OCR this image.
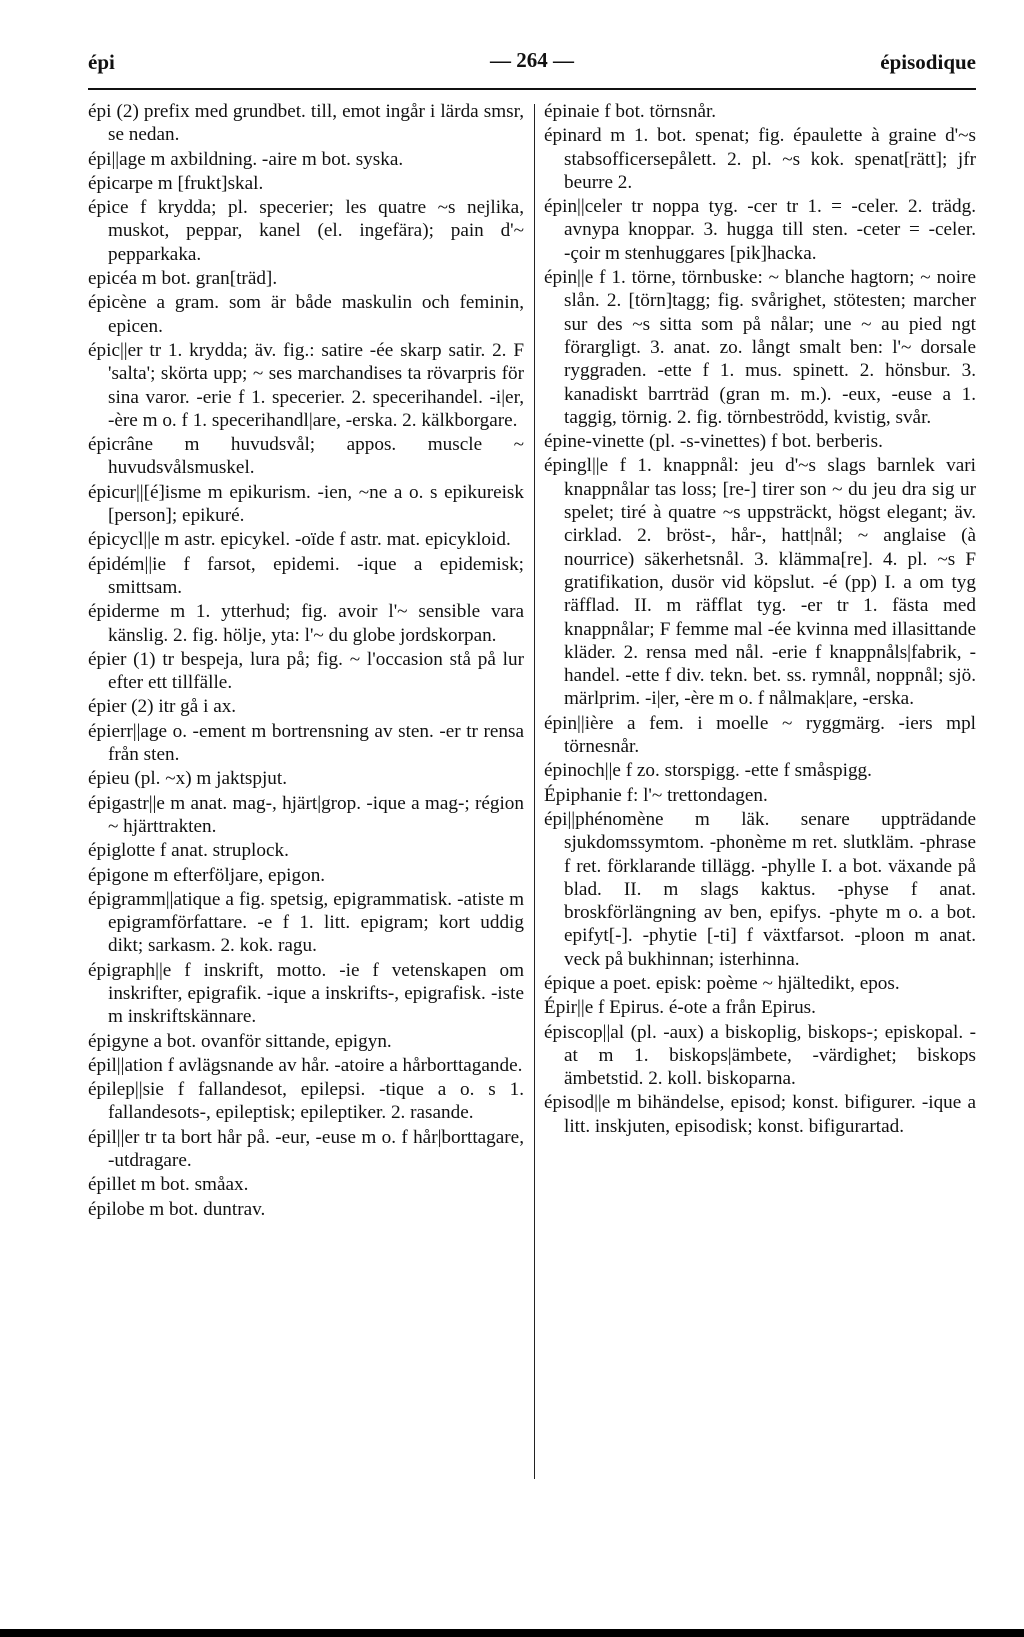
épi	— 264 —	épisodique

épi (2) prefix med grundbet. till, emot ingår i lärda smsr, se nedan.

épi||age m axbildning. -aire m bot. syska.

épicarpe m [frukt]skal.

épice f krydda; pl. specerier; les quatre ~s nejlika, muskot, peppar, kanel (el. ingefära); pain d'~ pepparkaka.

epicéa m bot. gran[träd].

épicène a gram. som är både maskulin och feminin, epicen.

épic||er tr 1. krydda; äv. fig.: satire -ée skarp satir. 2. F 'salta'; skörta upp; ~ ses marchandises ta rövarpris för sina varor. -erie f 1. specerier. 2. specerihandel. -i|er, -ère m o. f 1. specerihandl|are, -erska. 2. kälkborgare.

épicrâne m huvudsvål; appos. muscle ~ huvudsvålsmuskel.

épicur||[é]isme m epikurism. -ien, ~ne a o. s epikureisk [person]; epikuré.

épicycl||e m astr. epicykel. -oïde f astr. mat. epicykloid.

épidém||ie f farsot, epidemi. -ique a epidemisk; smittsam.

épiderme m 1. ytterhud; fig. avoir l'~ sensible vara känslig. 2. fig. hölje, yta: l'~ du globe jordskorpan.

épier (1) tr bespeja, lura på; fig. ~ l'occasion stå på lur efter ett tillfälle.

épier (2) itr gå i ax.

épierr||age o. -ement m bortrensning av sten. -er tr rensa från sten.

épieu (pl. ~x) m jaktspjut.

épigastr||e m anat. mag-, hjärt|grop. -ique a mag-; région ~ hjärttrakten.

épiglotte f anat. struplock.

épigone m efterföljare, epigon.

épigramm||atique a fig. spetsig, epigrammatisk. -atiste m epigramförfattare. -e f 1. litt. epigram; kort uddig dikt; sarkasm. 2. kok. ragu.

épigraph||e f inskrift, motto. -ie f vetenskapen om inskrifter, epigrafik. -ique a inskrifts-, epigrafisk. -iste m inskriftskännare.

épigyne a bot. ovanför sittande, epigyn.

épil||ation f avlägsnande av hår. -atoire a hårborttagande.

épilep||sie f fallandesot, epilepsi. -tique a o. s 1. fallandesots-, epileptisk; epileptiker. 2. rasande.

épil||er tr ta bort hår på. -eur, -euse m o. f hår|borttagare, -utdragare.

épillet m bot. småax.

épilobe m bot. duntrav.

épinaie f bot. törnsnår.

épinard m 1. bot. spenat; fig. épaulette à graine d'~s stabsofficersepålett. 2. pl. ~s kok. spenat[rätt]; jfr beurre 2.

épin||celer tr noppa tyg. -cer tr 1. = -celer. 2. trädg. avnypa knoppar. 3. hugga till sten. -ceter = -celer. -çoir m stenhuggares [pik]hacka.

épin||e f 1. törne, törnbuske: ~ blanche hagtorn; ~ noire slån. 2. [törn]tagg; fig. svårighet, stötesten; marcher sur des ~s sitta som på nålar; une ~ au pied ngt förargligt. 3. anat. zo. långt smalt ben: l'~ dorsale ryggraden. -ette f 1. mus. spinett. 2. hönsbur. 3. kanadiskt barrträd (gran m. m.). -eux, -euse a 1. taggig, törnig. 2. fig. törnbeströdd, kvistig, svår.

épine-vinette (pl. -s-vinettes) f bot. berberis.

épingl||e f 1. knappnål: jeu d'~s slags barnlek vari knappnålar tas loss; [re-] tirer son ~ du jeu dra sig ur spelet; tiré à quatre ~s uppsträckt, högst elegant; äv. cirklad. 2. bröst-, hår-, hatt|nål; ~ anglaise (à nourrice) säkerhetsnål. 3. klämma[re]. 4. pl. ~s F gratifikation, dusör vid köpslut. -é (pp) I. a om tyg räfflad. II. m räfflat tyg. -er tr 1. fästa med knappnålar; F femme mal -ée kvinna med illasittande kläder. 2. rensa med nål. -erie f knappnåls|fabrik, -handel. -ette f div. tekn. bet. ss. rymnål, noppnål; sjö. märlprim. -i|er, -ère m o. f nålmak|are, -erska.

épin||ière a fem. i moelle ~ ryggmärg. -iers mpl törnesnår.

épinoch||e f zo. storspigg. -ette f småspigg.

Épiphanie f: l'~ trettondagen.

épi||phénomène m läk. senare uppträdande sjukdomssymtom. -phonème m ret. slutkläm. -phrase f ret. förklarande tillägg. -phylle I. a bot. växande på blad. II. m slags kaktus. -physe f anat. broskförlängning av ben, epifys. -phyte m o. a bot. epifyt[-]. -phytie [-ti] f växtfarsot. -ploon m anat. veck på bukhinnan; isterhinna.

épique a poet. episk: poème ~ hjältedikt, epos.

Épir||e f Epirus. é-ote a från Epirus.

épiscop||al (pl. -aux) a biskoplig, biskops-; episkopal. -at m 1. biskops|ämbete, -värdighet; biskops ämbetstid. 2. koll. biskoparna.

épisod||e m bihändelse, episod; konst. bifigurer. -ique a litt. inskjuten, episodisk; konst. bifigurartad.
